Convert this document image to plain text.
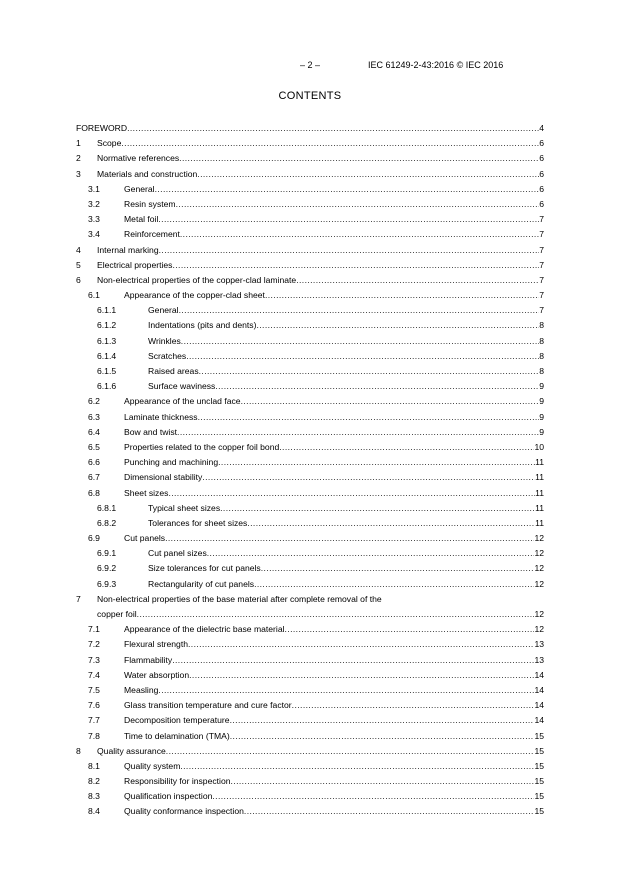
– 2 –	IEC 61249-2-43:2016 © IEC 2016
CONTENTS
FOREWORD .....	4
1 Scope .....	6
2 Normative references .....	6
3 Materials and construction .....	6
3.1	General .....	6
3.2	Resin system .....	6
3.3	Metal foil .....	7
3.4	Reinforcement .....	7
4 Internal marking .....	7
5 Electrical properties .....	7
6 Non-electrical properties of the copper-clad laminate .....	7
6.1	Appearance of the copper-clad sheet .....	7
6.1.1	General .....	7
6.1.2	Indentations (pits and dents) .....	8
6.1.3	Wrinkles .....	8
6.1.4	Scratches .....	8
6.1.5	Raised areas .....	8
6.1.6	Surface waviness .....	9
6.2	Appearance of the unclad face .....	9
6.3	Laminate thickness .....	9
6.4	Bow and twist .....	9
6.5	Properties related to the copper foil bond .....	10
6.6	Punching and machining .....	11
6.7	Dimensional stability .....	11
6.8	Sheet sizes .....	11
6.8.1	Typical sheet sizes .....	11
6.8.2	Tolerances for sheet sizes .....	11
6.9	Cut panels .....	12
6.9.1	Cut panel sizes .....	12
6.9.2	Size tolerances for cut panels .....	12
6.9.3	Rectangularity of cut panels .....	12
7 Non-electrical properties of the base material after complete removal of the
copper foil .....	12
7.1	Appearance of the dielectric base material .....	12
7.2	Flexural strength .....	13
7.3	Flammability .....	13
7.4	Water absorption .....	14
7.5	Measling .....	14
7.6	Glass transition temperature and cure factor .....	14
7.7	Decomposition temperature .....	14
7.8	Time to delamination (TMA) .....	15
8 Quality assurance .....	15
8.1	Quality system .....	15
8.2	Responsibility for inspection .....	15
8.3	Qualification inspection .....	15
8.4	Quality conformance inspection .....	15
